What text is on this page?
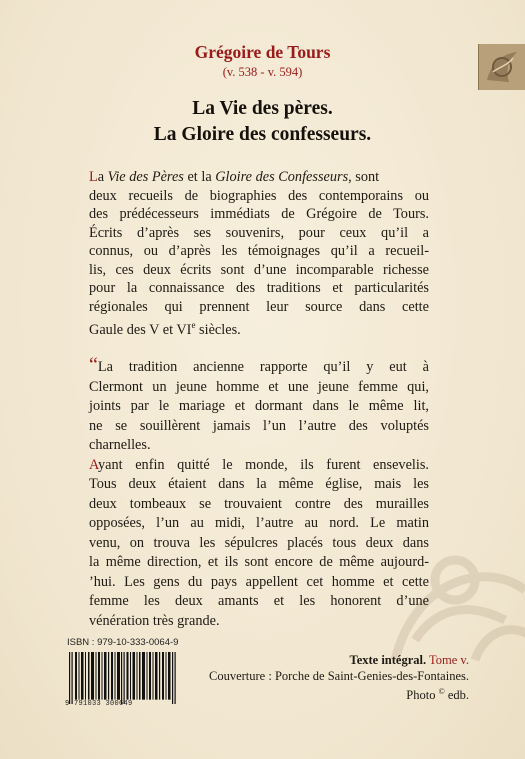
Grégoire de Tours
(v. 538 - v. 594)
La Vie des pères.
La Gloire des confesseurs.
La Vie des Pères et la Gloire des Confesseurs, sont
deux recueils de biographies des contemporains ou
des prédécesseurs immédiats de Grégoire de Tours.
Écrits d’après ses souvenirs, pour ceux qu’il a
connus, ou d’après les témoignages qu’il a recueil-
lis, ces deux écrits sont d’une incomparable richesse
pour la connaissance des traditions et particularités
régionales qui prennent leur source dans cette
Gaule des V et VIe siècles.
“La tradition ancienne rapporte qu’il y eut à
Clermont un jeune homme et une jeune femme qui,
joints par le mariage et dormant dans le même lit,
ne se souillèrent jamais l’un l’autre des voluptés
charnelles.
Ayant enfin quitté le monde, ils furent ensevelis.
Tous deux étaient dans la même église, mais les
deux tombeaux se trouvaient contre des murailles
opposées, l’un au midi, l’autre au nord. Le matin
venu, on trouva les sépulcres placés tous deux dans
la même direction, et ils sont encore de même aujourd-
’hui. Les gens du pays appellent cet homme et cette
femme les deux amants et les honorent d’une
vénération très grande.
ISBN : 979-10-333-0064-9
9 791033 300649
Texte intégral. Tome v.
Couverture : Porche de Saint-Genies-des-Fontaines.
Photo © edb.
